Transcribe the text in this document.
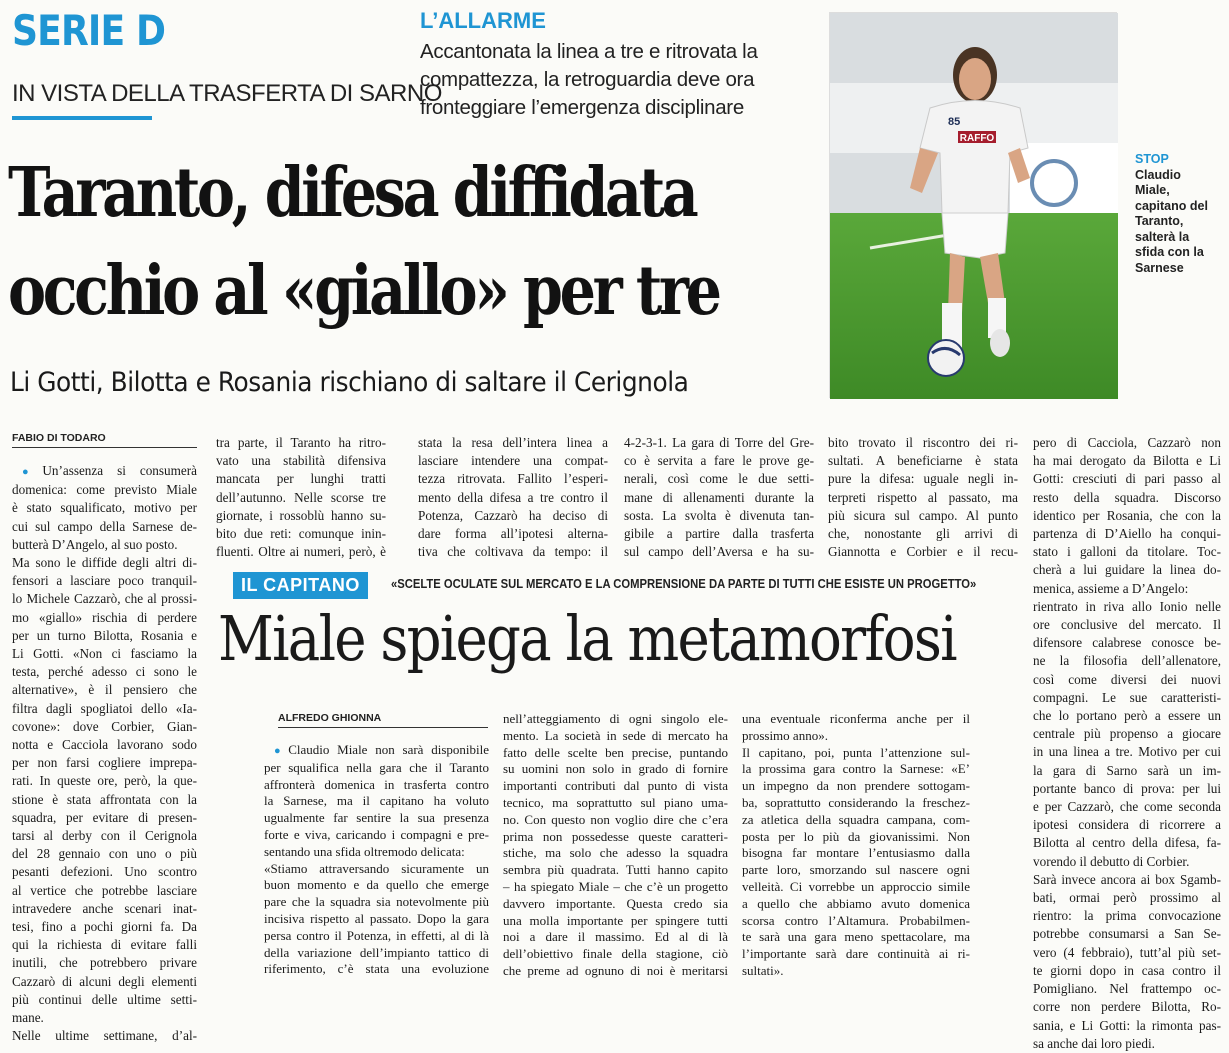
SERIE D
IN VISTA DELLA TRASFERTA DI SARNO
L’ALLARME
Accantonata la linea a tre e ritrovata la
compattezza, la retroguardia deve ora
fronteggiare l’emergenza disciplinare
Taranto, difesa diffidata
occhio al «giallo» per tre
Li Gotti, Bilotta e Rosania rischiano di saltare il Cerignola
RAFFO
85
STOP
Claudio
Miale,
capitano del
Taranto,
salterà la
sfida con la
Sarnese
FABIO DI TODARO
● Un’assenza si consumerà
domenica: come previsto Miale
è stato squalificato, motivo per
cui sul campo della Sarnese de-
butterà D’Angelo, al suo posto.
Ma sono le diffide degli altri di-
fensori a lasciare poco tranquil-
lo Michele Cazzarò, che al prossi-
mo «giallo» rischia di perdere
per un turno Bilotta, Rosania e
Li Gotti. «Non ci fasciamo la
testa, perché adesso ci sono le
alternative», è il pensiero che
filtra dagli spogliatoi dello «Ia-
covone»: dove Corbier, Gian-
notta e Cacciola lavorano sodo
per non farsi cogliere imprepa-
rati. In queste ore, però, la que-
stione è stata affrontata con la
squadra, per evitare di presen-
tarsi al derby con il Cerignola
del 28 gennaio con uno o più
pesanti defezioni. Uno scontro
al vertice che potrebbe lasciare
intravedere anche scenari inat-
tesi, fino a pochi giorni fa. Da
qui la richiesta di evitare falli
inutili, che potrebbero privare
Cazzarò di alcuni degli elementi
più continui delle ultime setti-
mane.
Nelle ultime settimane, d’al-
tra parte, il Taranto ha ritro-
vato una stabilità difensiva
mancata per lunghi tratti
dell’autunno. Nelle scorse tre
giornate, i rossoblù hanno su-
bito due reti: comunque inin-
fluenti. Oltre ai numeri, però, è
stata la resa dell’intera linea a
lasciare intendere una compat-
tezza ritrovata. Fallito l’esperi-
mento della difesa a tre contro il
Potenza, Cazzarò ha deciso di
dare forma all’ipotesi alterna-
tiva che coltivava da tempo: il
4-2-3-1. La gara di Torre del Gre-
co è servita a fare le prove ge-
nerali, così come le due setti-
mane di allenamenti durante la
sosta. La svolta è divenuta tan-
gibile a partire dalla trasferta
sul campo dell’Aversa e ha su-
bito trovato il riscontro dei ri-
sultati. A beneficiarne è stata
pure la difesa: uguale negli in-
terpreti rispetto al passato, ma
più sicura sul campo. Al punto
che, nonostante gli arrivi di
Giannotta e Corbier e il recu-
pero di Cacciola, Cazzarò non
ha mai derogato da Bilotta e Li
Gotti: cresciuti di pari passo al
resto della squadra. Discorso
identico per Rosania, che con la
partenza di D’Aiello ha conqui-
stato i galloni da titolare. Toc-
cherà a lui guidare la linea do-
menica, assieme a D’Angelo:
rientrato in riva allo Ionio nelle
ore conclusive del mercato. Il
difensore calabrese conosce be-
ne la filosofia dell’allenatore,
così come diversi dei nuovi
compagni. Le sue caratteristi-
che lo portano però a essere un
centrale più propenso a giocare
in una linea a tre. Motivo per cui
la gara di Sarno sarà un im-
portante banco di prova: per lui
e per Cazzarò, che come seconda
ipotesi considera di ricorrere a
Bilotta al centro della difesa, fa-
vorendo il debutto di Corbier.
Sarà invece ancora ai box Sgamb-
bati, ormai però prossimo al
rientro: la prima convocazione
potrebbe consumarsi a San Se-
vero (4 febbraio), tutt’al più set-
te giorni dopo in casa contro il
Pomigliano. Nel frattempo oc-
corre non perdere Bilotta, Ro-
sania, e Li Gotti: la rimonta pas-
sa anche dai loro piedi.
IL CAPITANO	«SCELTE OCULATE SUL MERCATO E LA COMPRENSIONE DA PARTE DI TUTTI CHE ESISTE UN PROGETTO»
Miale spiega la metamorfosi
ALFREDO GHIONNA
● Claudio Miale non sarà disponibile
per squalifica nella gara che il Taranto
affronterà domenica in trasferta contro
la Sarnese, ma il capitano ha voluto
ugualmente far sentire la sua presenza
forte e viva, caricando i compagni e pre-
sentando una sfida oltremodo delicata:
«Stiamo attraversando sicuramente un
buon momento e da quello che emerge
pare che la squadra sia notevolmente più
incisiva rispetto al passato. Dopo la gara
persa contro il Potenza, in effetti, al di là
della variazione dell’impianto tattico di
riferimento, c’è stata una evoluzione
nell’atteggiamento di ogni singolo ele-
mento. La società in sede di mercato ha
fatto delle scelte ben precise, puntando
su uomini non solo in grado di fornire
importanti contributi dal punto di vista
tecnico, ma soprattutto sul piano uma-
no. Con questo non voglio dire che c’era
prima non possedesse queste caratteri-
stiche, ma solo che adesso la squadra
sembra più quadrata. Tutti hanno capito
– ha spiegato Miale – che c’è un progetto
davvero importante. Questa credo sia
una molla importante per spingere tutti
noi a dare il massimo. Ed al di là
dell’obiettivo finale della stagione, ciò
che preme ad ognuno di noi è meritarsi
una eventuale riconferma anche per il
prossimo anno».
Il capitano, poi, punta l’attenzione sul-
la prossima gara contro la Sarnese: «E’
un impegno da non prendere sottogam-
ba, soprattutto considerando la freschez-
za atletica della squadra campana, com-
posta per lo più da giovanissimi. Non
bisogna far montare l’entusiasmo dalla
parte loro, smorzando sul nascere ogni
velleità. Ci vorrebbe un approccio simile
a quello che abbiamo avuto domenica
scorsa contro l’Altamura. Probabilmen-
te sarà una gara meno spettacolare, ma
l’importante sarà dare continuità ai ri-
sultati».
